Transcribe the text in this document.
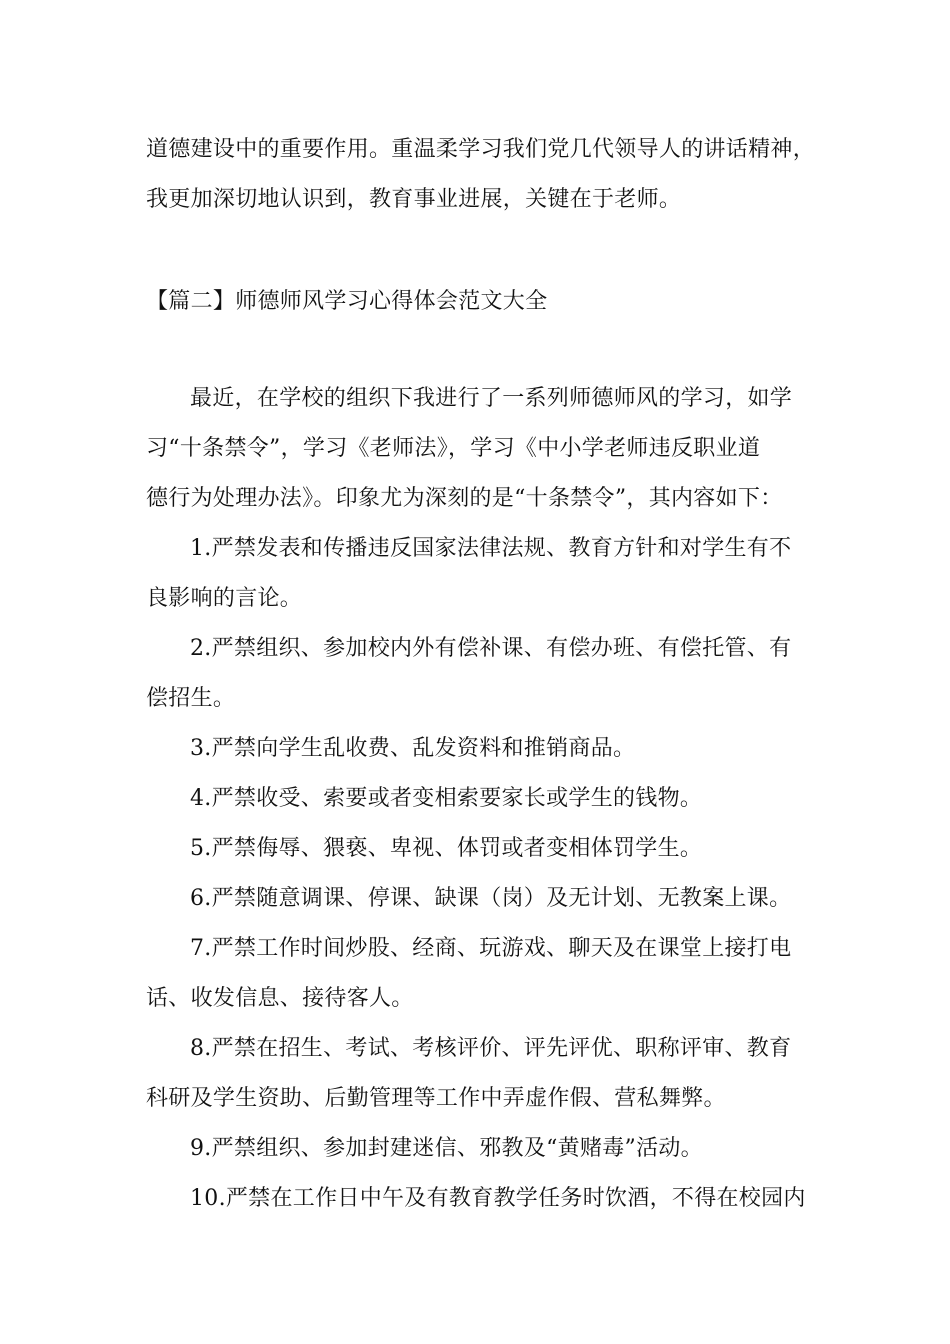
道德建设中的重要作用。重温柔学习我们党几代领导人的讲话精神，
我更加深切地认识到，教育事业进展，关键在于老师。
【篇二】师德师风学习心得体会范文大全
最近，在学校的组织下我进行了一系列师德师风的学习，如学
习“十条禁令”，学习《老师法》，学习《中小学老师违反职业道
德行为处理办法》。印象尤为深刻的是“十条禁令”，其内容如下：
1.严禁发表和传播违反国家法律法规、教育方针和对学生有不
良影响的言论。
2.严禁组织、参加校内外有偿补课、有偿办班、有偿托管、有
偿招生。
3.严禁向学生乱收费、乱发资料和推销商品。
4.严禁收受、索要或者变相索要家长或学生的钱物。
5.严禁侮辱、猥亵、卑视、体罚或者变相体罚学生。
6.严禁随意调课、停课、缺课（岗）及无计划、无教案上课。
7.严禁工作时间炒股、经商、玩游戏、聊天及在课堂上接打电
话、收发信息、接待客人。
8.严禁在招生、考试、考核评价、评先评优、职称评审、教育
科研及学生资助、后勤管理等工作中弄虚作假、营私舞弊。
9.严禁组织、参加封建迷信、邪教及“黄赌毒”活动。
10.严禁在工作日中午及有教育教学任务时饮酒，不得在校园内
